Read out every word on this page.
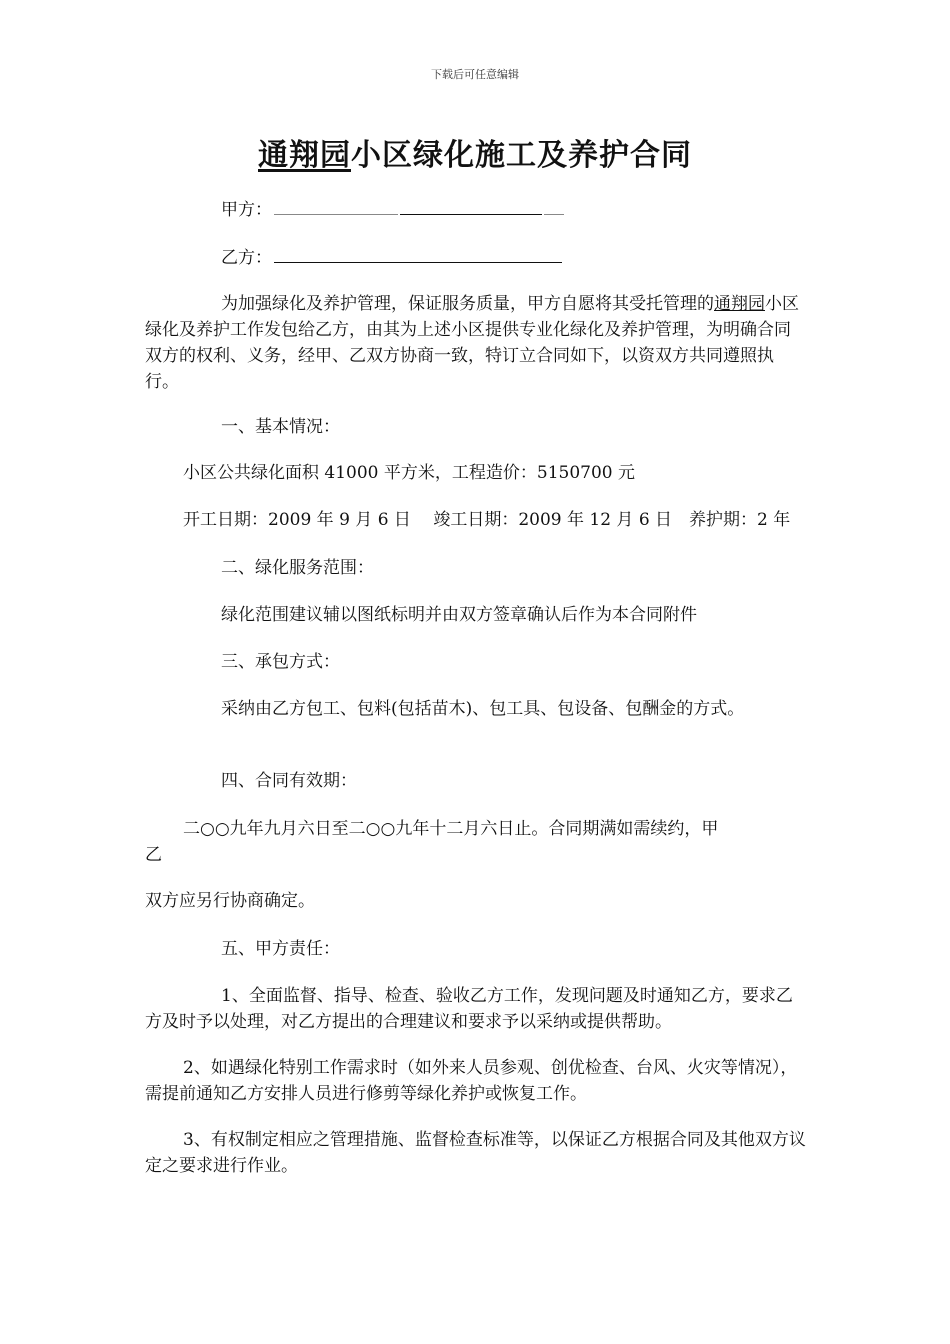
下载后可任意编辑
通翔园小区绿化施工及养护合同
甲方：
乙方：
为加强绿化及养护管理，保证服务质量，甲方自愿将其受托管理的通翔园小区绿化及养护工作发包给乙方，由其为上述小区提供专业化绿化及养护管理，为明确合同双方的权利、义务，经甲、乙双方协商一致，特订立合同如下，以资双方共同遵照执行。
一、基本情况：
小区公共绿化面积 41000 平方米，工程造价：5150700 元
开工日期：2009 年 9 月 6 日　 竣工日期：2009 年 12 月 6 日　养护期：2 年
二、绿化服务范围：
绿化范围建议辅以图纸标明并由双方签章确认后作为本合同附件
三、承包方式：
采纳由乙方包工、包料(包括苗木)、包工具、包设备、包酬金的方式。
四、合同有效期：
二○○九年九月六日至二○○九年十二月六日止。合同期满如需续约，甲
乙
双方应另行协商确定。
五、甲方责任：
1、全面监督、指导、检查、验收乙方工作，发现问题及时通知乙方，要求乙方及时予以处理，对乙方提出的合理建议和要求予以采纳或提供帮助。
2、如遇绿化特别工作需求时（如外来人员参观、创优检查、台风、火灾等情况），需提前通知乙方安排人员进行修剪等绿化养护或恢复工作。
3、有权制定相应之管理措施、监督检查标准等，以保证乙方根据合同及其他双方议定之要求进行作业。
